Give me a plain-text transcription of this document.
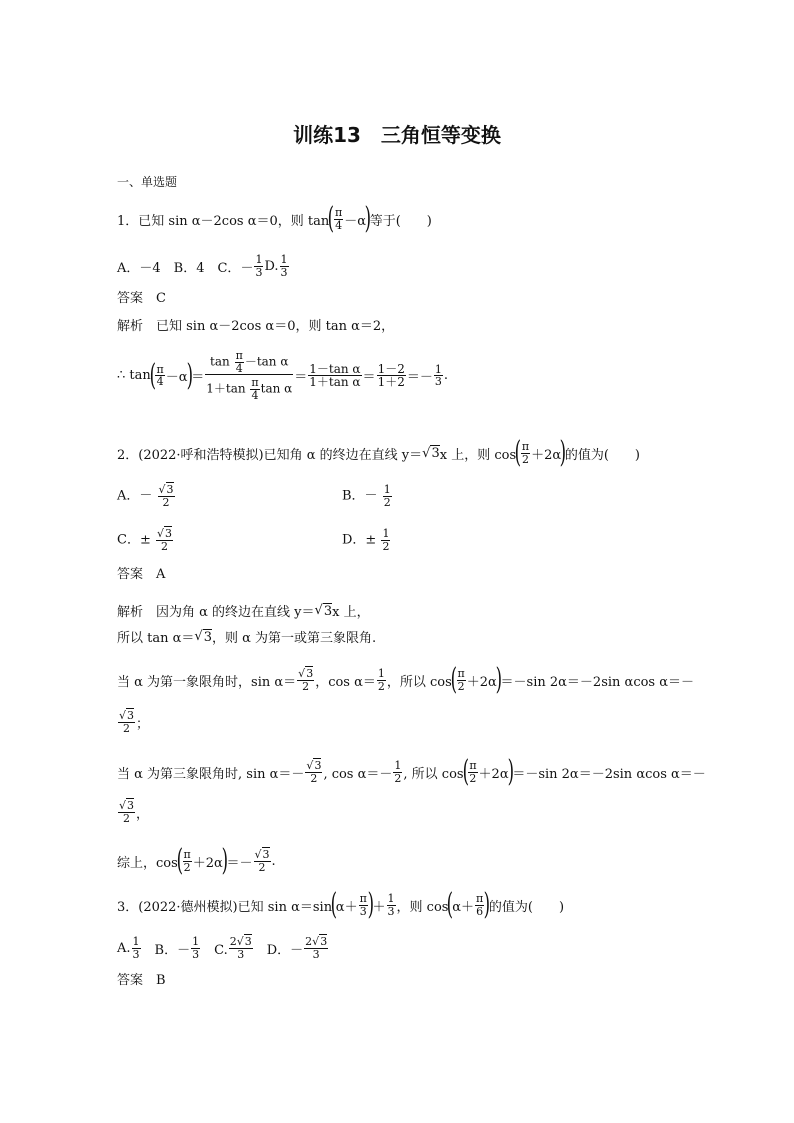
训练13　三角恒等变换
一、单选题
1．已知 sin α－2cos α＝0，则 tan
( $\frac{\pi}{4} -\alpha$
)
等于(　　)
A．－4　B．4　C． － $\frac{1}{3} D$. $\frac{1}{3}$
答案　C
解析　已知 sin α－2cos α＝0，则 tan α＝2，
∴ tan
( $\frac{\pi}{4} -\alpha$
)
＝ $\frac{\tan \frac{\pi}{4} -\tan \alpha}{1+\tan \frac{\pi}{4} \tan \alpha} = \frac{\text{1－tan α}}{\text{1＋tan α}} = \frac{1-2}{1+2} =- \frac{1}{3}$ .
2．(2022·呼和浩特模拟)已知角 α 的终边在直线 y＝ √ 3 x 上，则 cos
( $\frac{\pi}{2} +2\alpha$
)
的值为(　　)
A．－ $\frac{√3}{2}$	B．－ $\frac{1}{2}$
C．± $\frac{√3}{2}$	D．± $\frac{1}{2}$
答案　A
解析　因为角 α 的终边在直线 y＝ √ 3 x 上，
所以 tan α＝ √ 3 ，则 α 为第一或第三象限角.
当 α 为第一象限角时，$\sin \alpha= \frac{√3}{2}$ ，$\cos \alpha= \frac{1}{2}$ ，所以 cos
( $\frac{\pi}{2} +2\alpha$
)
＝－sin 2α＝－2sin αcos α＝－
$\frac{√3}{2}$ ；
当 α 为第三象限角时, $\sin \alpha=- \frac{√3}{2}$ , $\cos \alpha=- \frac{1}{2}$ , 所以 cos
( $\frac{\pi}{2} +2\alpha$
)
＝－sin 2α＝－2sin αcos α＝－
$\frac{√3}{2}$ ，
综上，cos
( $\frac{\pi}{2} +2\alpha$
)
＝－ $\frac{√3}{2}$ .
3．(2022·德州模拟)已知 sin α＝sin
(
$\alpha+ \frac{\pi}{3}$ )
＋ $\frac{1}{3}$ ，则 cos
(
$\alpha+ \frac{\pi}{6}$ )
的值为(　　)
A. $\frac{1}{3}$ 　B．－ $\frac{1}{3}$ 　C. $\frac{2√3}{3}$ 　D．－ $\frac{2√3}{3}$
答案　B
